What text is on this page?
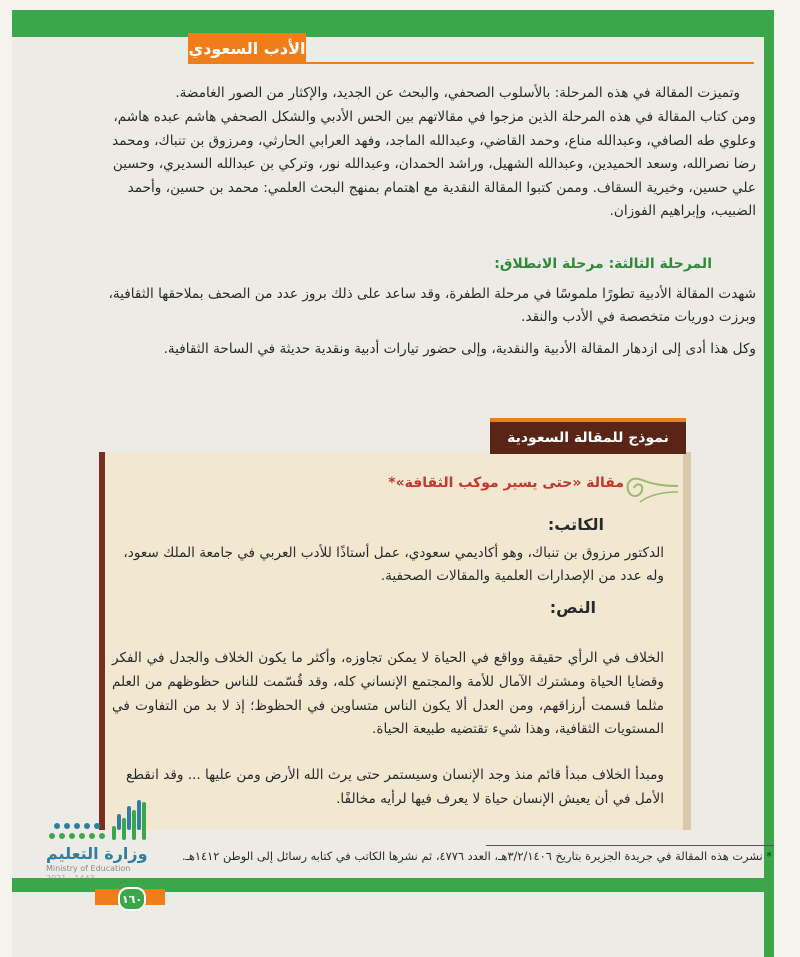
الأدب السعودي
وتميزت المقالة في هذه المرحلة: بالأسلوب الصحفي، والبحث عن الجديد، والإكثار من الصور الغامضة.
ومن كتاب المقالة في هذه المرحلة الذين مزجوا في مقالاتهم بين الحس الأدبي والشكل الصحفي هاشم عبده هاشم، وعلوي طه الصافي، وعبدالله مناع، وحمد القاضي، وعبدالله الماجد، وفهد العرابي الحارثي، ومرزوق بن تنباك، ومحمد رضا نصرالله، وسعد الحميدين، وعبدالله الشهيل، وراشد الحمدان، وعبدالله نور، وتركي بن عبدالله السديري، وحسين علي حسين، وخيرية السقاف. وممن كتبوا المقالة النقدية مع اهتمام بمنهج البحث العلمي: محمد بن حسين، وأحمد الضبيب، وإبراهيم الفوزان.
المرحلة الثالثة: مرحلة الانطلاق:
شهدت المقالة الأدبية تطورًا ملموسًا في مرحلة الطفرة، وقد ساعد على ذلك بروز عدد من الصحف بملاحقها الثقافية، وبرزت دوريات متخصصة في الأدب والنقد.
وكل هذا أدى إلى ازدهار المقالة الأدبية والنقدية، وإلى حضور تيارات أدبية ونقدية حديثة في الساحة الثقافية.
نموذج للمقالة السعودية
مقالة «حتى يسير موكب الثقافة»*
الكاتب:
الدكتور مرزوق بن تنباك، وهو أكاديمي سعودي، عمل أستاذًا للأدب العربي في جامعة الملك سعود، وله عدد من الإصدارات العلمية والمقالات الصحفية.
النص:
الخلاف في الرأي حقيقة وواقع في الحياة لا يمكن تجاوزه، وأكثر ما يكون الخلاف والجدل في الفكر وقضايا الحياة ومشترك الآمال للأمة والمجتمع الإنساني كله، وقد قُسّمت للناس حظوظهم من العلم مثلما قسمت أرزاقهم، ومن العدل ألا يكون الناس متساوين في الحظوظ؛ إذ لا بد من التفاوت في المستويات الثقافية، وهذا شيء تقتضيه طبيعة الحياة.
ومبدأ الخلاف مبدأ قائم منذ وجد الإنسان وسيستمر حتى يرث الله الأرض ومن عليها ... وقد انقطع الأمل في أن يعيش الإنسان حياة لا يعرف فيها لرأيه مخالفًا.
* نشرت هذه المقالة في جريدة الجزيرة بتاريخ ٣/٢/١٤٠٦هـ، العدد ٤٧٧٦، ثم نشرها الكاتب في كتابه رسائل إلى الوطن ١٤١٢هـ.
وزارة التعليم
Ministry of Education
١٦٠
